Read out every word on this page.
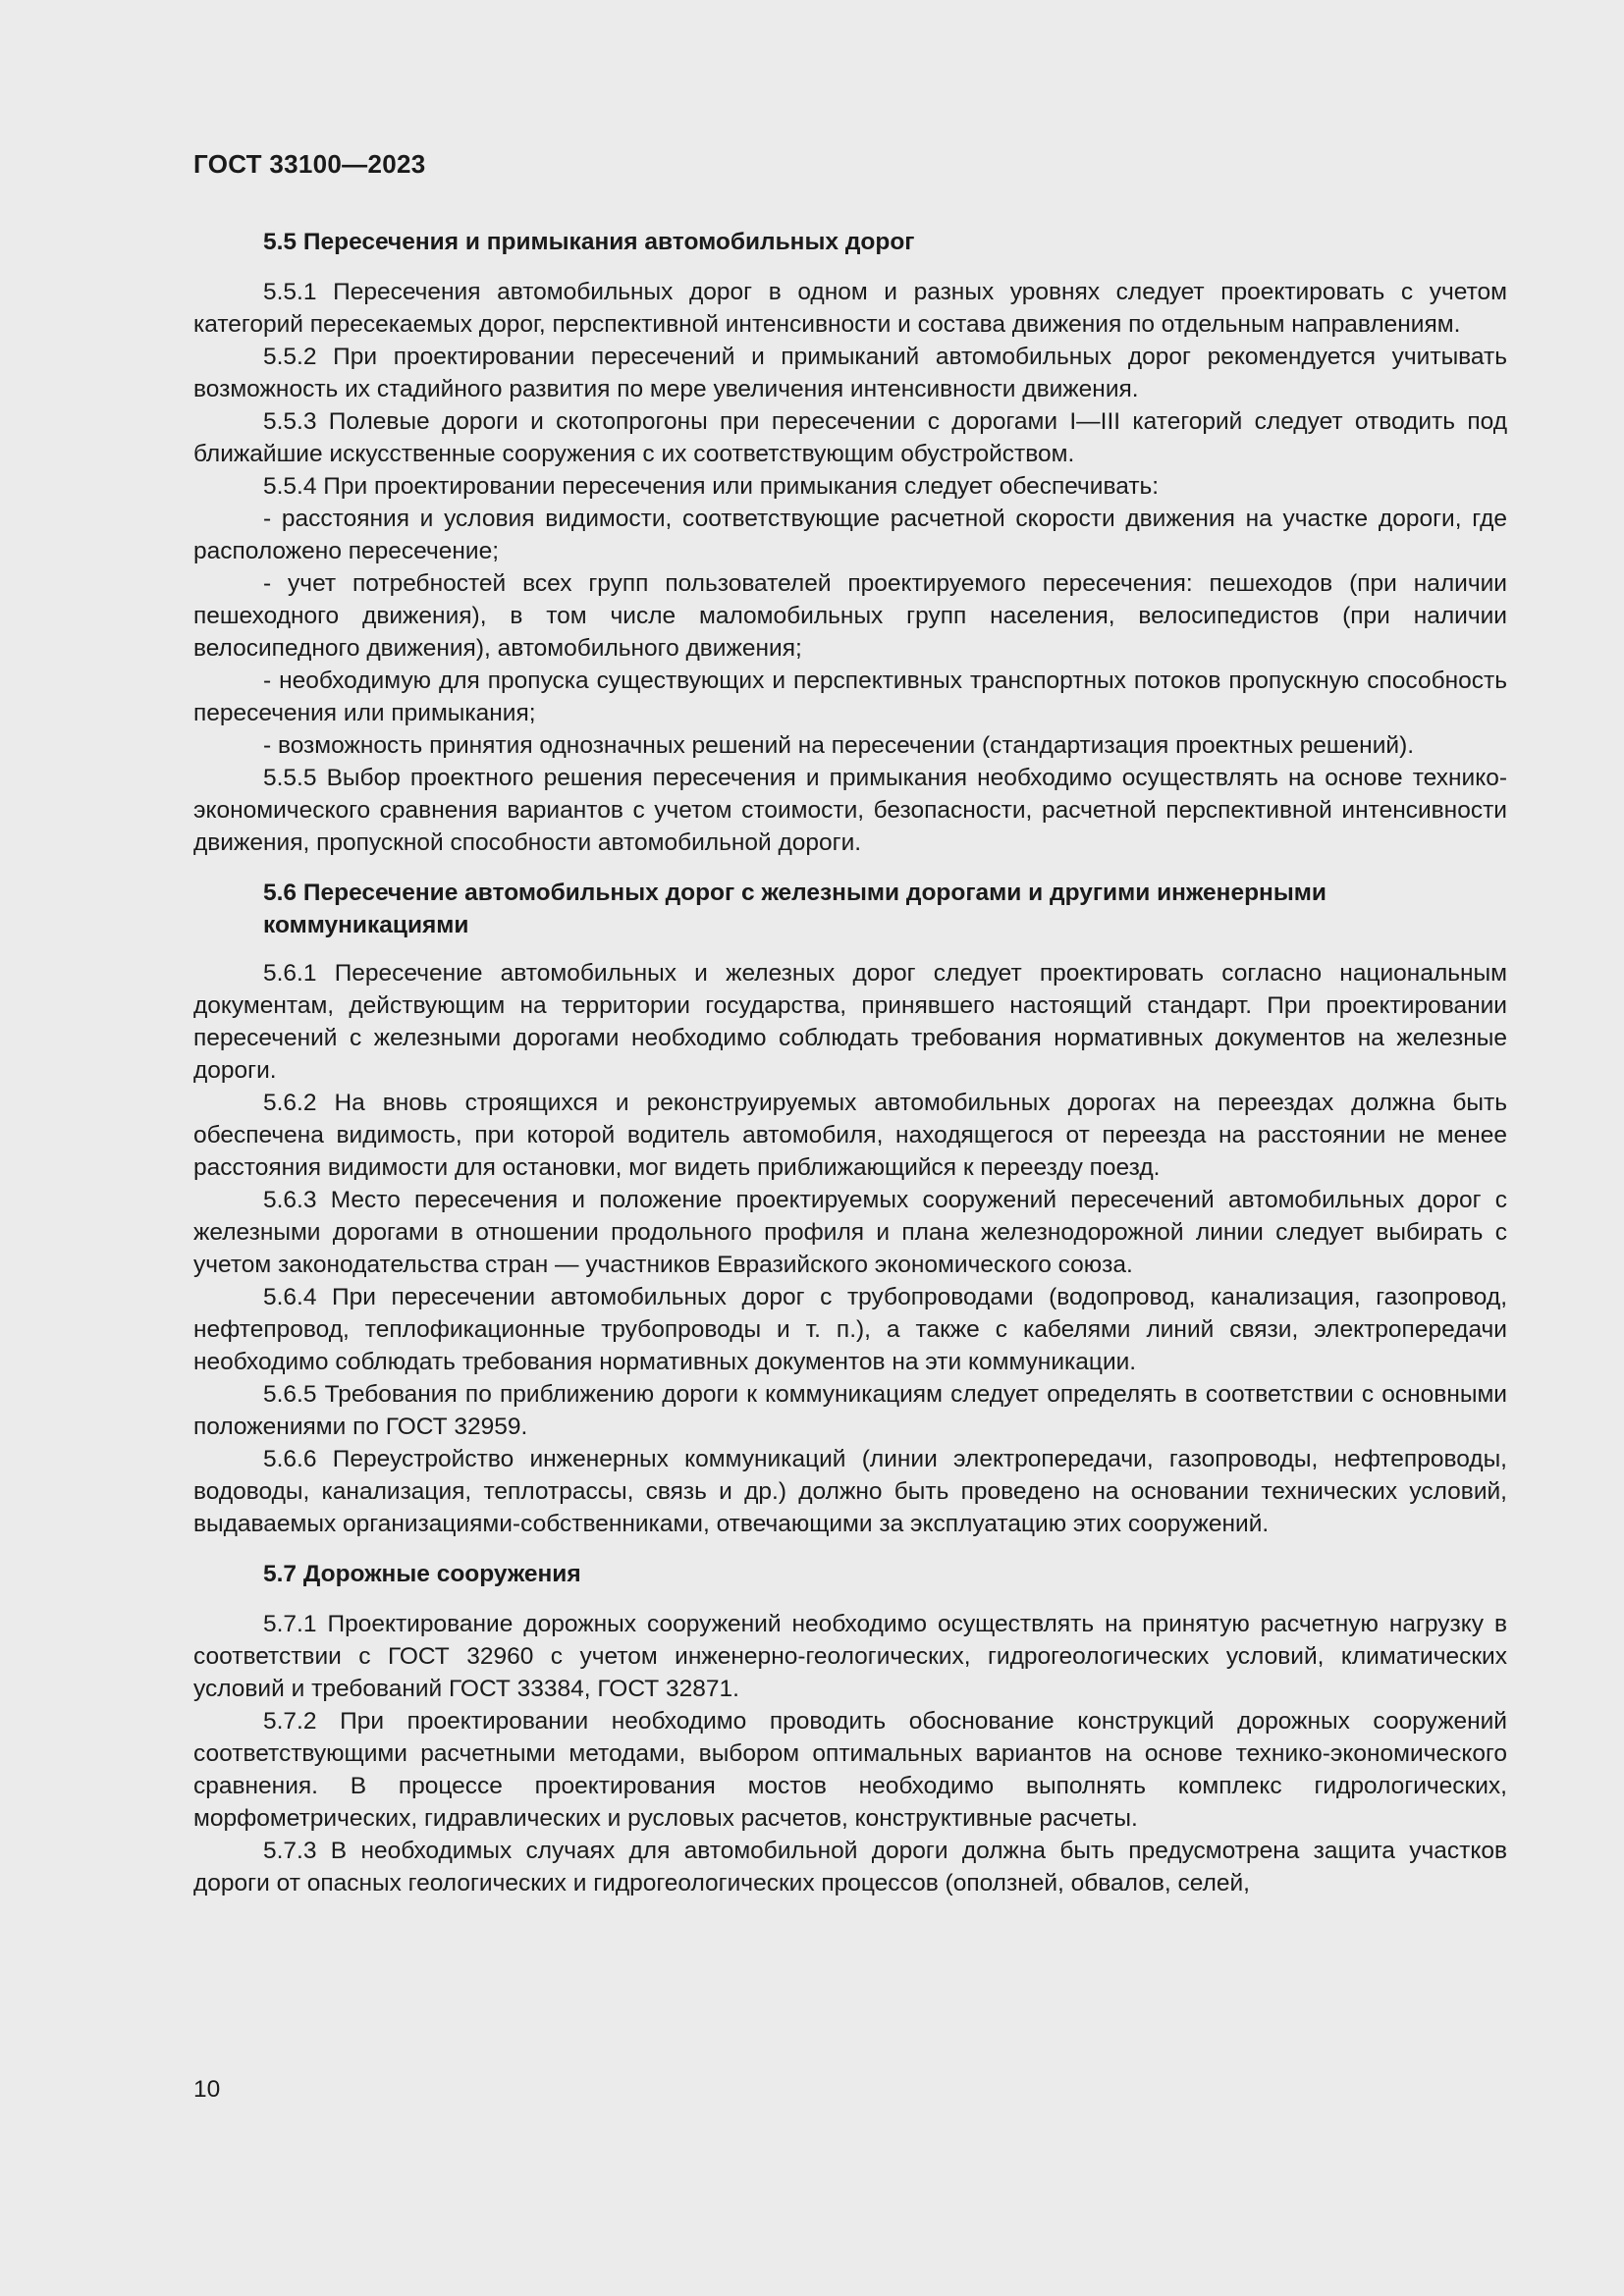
ГОСТ 33100—2023
5.5 Пересечения и примыкания автомобильных дорог

5.5.1 Пересечения автомобильных дорог в одном и разных уровнях следует проектировать с учетом категорий пересекаемых дорог, перспективной интенсивности и состава движения по отдельным направлениям.

5.5.2 При проектировании пересечений и примыканий автомобильных дорог рекомендуется учитывать возможность их стадийного развития по мере увеличения интенсивности движения.

5.5.3 Полевые дороги и скотопрогоны при пересечении с дорогами I—III категорий следует отводить под ближайшие искусственные сооружения с их соответствующим обустройством.

5.5.4 При проектировании пересечения или примыкания следует обеспечивать:

- расстояния и условия видимости, соответствующие расчетной скорости движения на участке дороги, где расположено пересечение;

- учет потребностей всех групп пользователей проектируемого пересечения: пешеходов (при наличии пешеходного движения), в том числе маломобильных групп населения, велосипедистов (при наличии велосипедного движения), автомобильного движения;

- необходимую для пропуска существующих и перспективных транспортных потоков пропускную способность пересечения или примыкания;

- возможность принятия однозначных решений на пересечении (стандартизация проектных решений).

5.5.5 Выбор проектного решения пересечения и примыкания необходимо осуществлять на основе технико-экономического сравнения вариантов с учетом стоимости, безопасности, расчетной перспективной интенсивности движения, пропускной способности автомобильной дороги.

5.6 Пересечение автомобильных дорог с железными дорогами и другими инженерными коммуникациями

5.6.1 Пересечение автомобильных и железных дорог следует проектировать согласно национальным документам, действующим на территории государства, принявшего настоящий стандарт. При проектировании пересечений с железными дорогами необходимо соблюдать требования нормативных документов на железные дороги.

5.6.2 На вновь строящихся и реконструируемых автомобильных дорогах на переездах должна быть обеспечена видимость, при которой водитель автомобиля, находящегося от переезда на расстоянии не менее расстояния видимости для остановки, мог видеть приближающийся к переезду поезд.

5.6.3 Место пересечения и положение проектируемых сооружений пересечений автомобильных дорог с железными дорогами в отношении продольного профиля и плана железнодорожной линии следует выбирать с учетом законодательства стран — участников Евразийского экономического союза.

5.6.4 При пересечении автомобильных дорог с трубопроводами (водопровод, канализация, газопровод, нефтепровод, теплофикационные трубопроводы и т. п.), а также с кабелями линий связи, электропередачи необходимо соблюдать требования нормативных документов на эти коммуникации.

5.6.5 Требования по приближению дороги к коммуникациям следует определять в соответствии с основными положениями по ГОСТ 32959.

5.6.6 Переустройство инженерных коммуникаций (линии электропередачи, газопроводы, нефтепроводы, водоводы, канализация, теплотрассы, связь и др.) должно быть проведено на основании технических условий, выдаваемых организациями-собственниками, отвечающими за эксплуатацию этих сооружений.

5.7 Дорожные сооружения

5.7.1 Проектирование дорожных сооружений необходимо осуществлять на принятую расчетную нагрузку в соответствии с ГОСТ 32960 с учетом инженерно-геологических, гидрогеологических условий, климатических условий и требований ГОСТ 33384, ГОСТ 32871.

5.7.2 При проектировании необходимо проводить обоснование конструкций дорожных сооружений соответствующими расчетными методами, выбором оптимальных вариантов на основе технико-экономического сравнения. В процессе проектирования мостов необходимо выполнять комплекс гидрологических, морфометрических, гидравлических и русловых расчетов, конструктивные расчеты.

5.7.3 В необходимых случаях для автомобильной дороги должна быть предусмотрена защита участков дороги от опасных геологических и гидрогеологических процессов (оползней, обвалов, селей,

10
